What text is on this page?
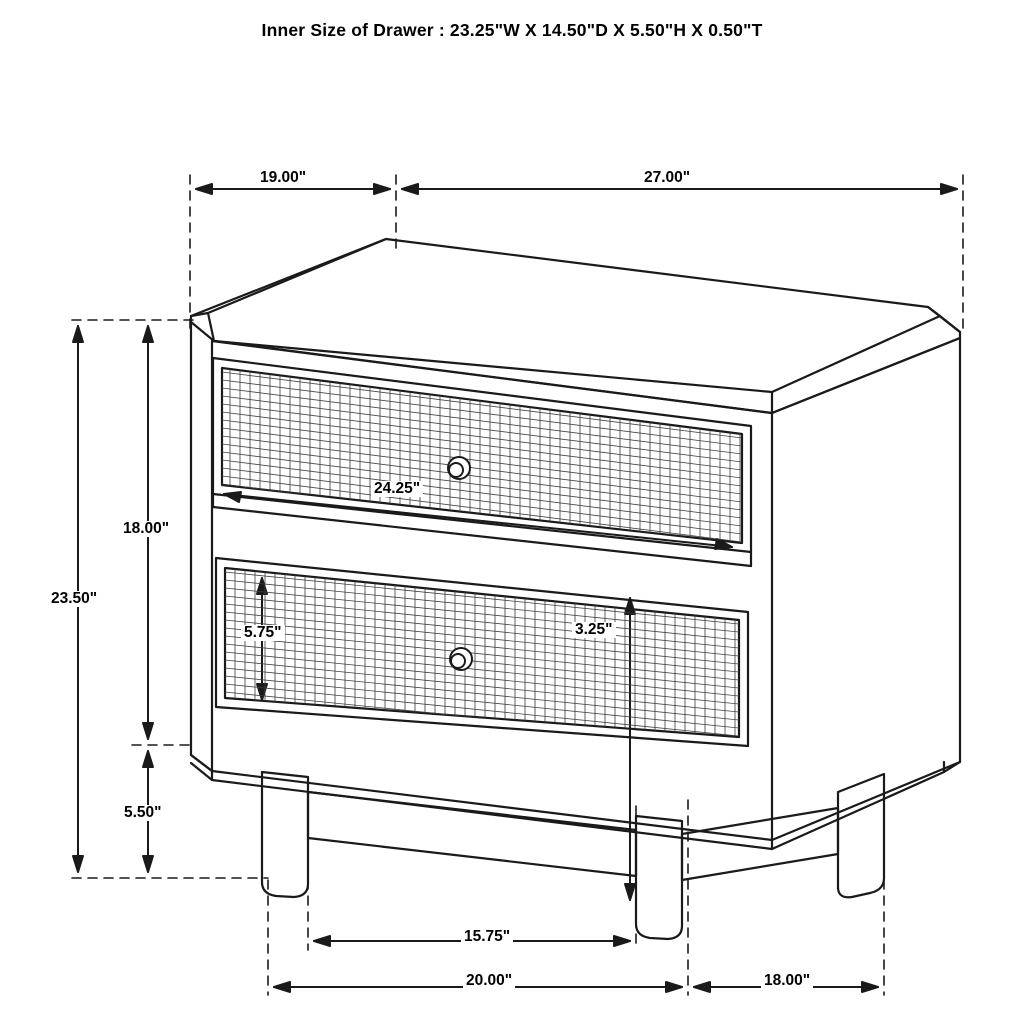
Inner Size of Drawer : 23.25"W X 14.50"D X 5.50"H X 0.50"T
19.00"	27.00"
18.00"
23.50"
5.50"
24.25"
5.75"	3.25"
15.75"
20.00"	18.00"
